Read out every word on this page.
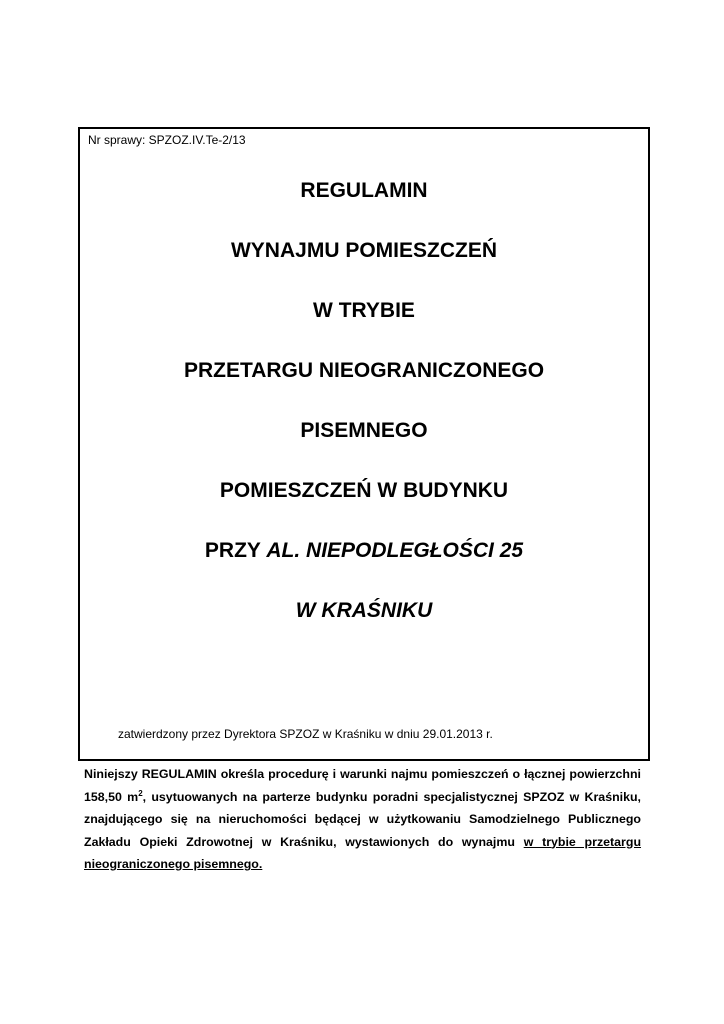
Nr sprawy: SPZOZ.IV.Te-2/13
REGULAMIN
WYNAJMU POMIESZCZEŃ
W TRYBIE
PRZETARGU NIEOGRANICZONEGO
PISEMNEGO
POMIESZCZEŃ W BUDYNKU
PRZY AL. NIEPODLEGŁOŚCI 25
W KRAŚNIKU
zatwierdzony przez Dyrektora SPZOZ w Kraśniku w dniu 29.01.2013 r.
Niniejszy REGULAMIN określa procedurę i warunki najmu pomieszczeń o łącznej powierzchni 158,50 $m^2$, usytuowanych na parterze budynku poradni specjalistycznej SPZOZ w Kraśniku, znajdującego się na nieruchomości będącej w użytkowaniu Samodzielnego Publicznego Zakładu Opieki Zdrowotnej w Kraśniku, wystawionych do wynajmu w trybie przetargu nieograniczonego pisemnego.
